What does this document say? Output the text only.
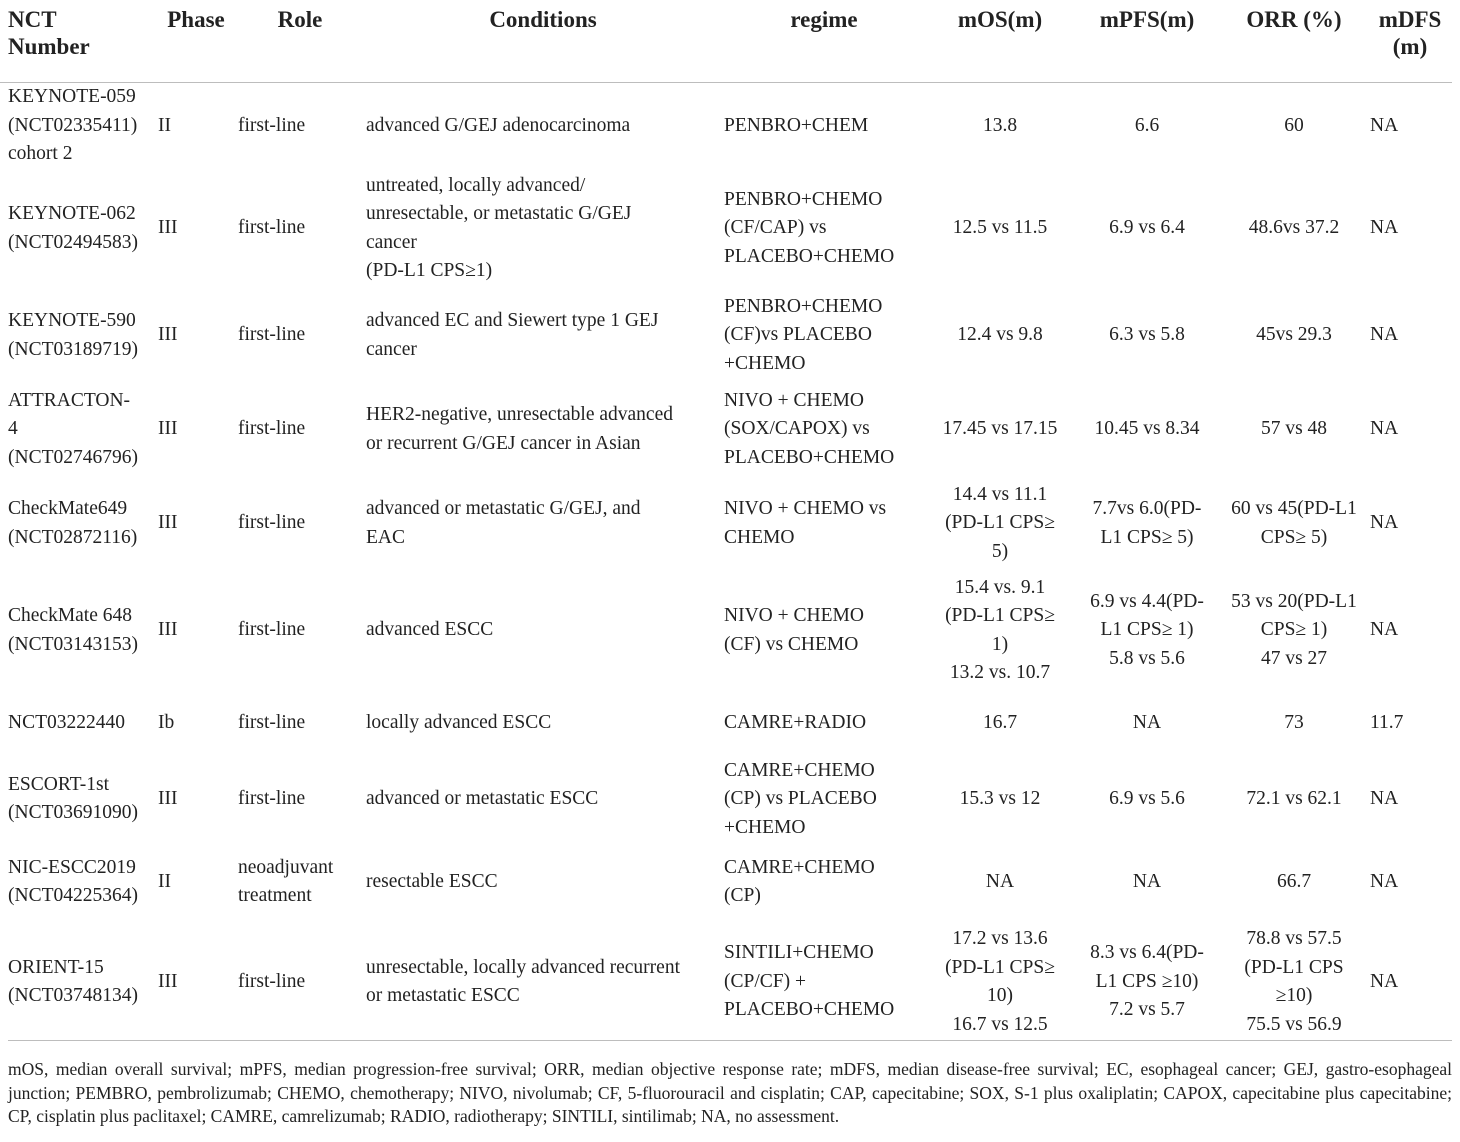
NCT
Number	Phase	Role	Conditions	regime	mOS(m)	mPFS(m)	ORR (%)	mDFS
(m)
KEYNOTE-059
(NCT02335411)
cohort 2	II	first-line	advanced G/GEJ adenocarcinoma	PENBRO+CHEM	13.8	6.6	60	NA
KEYNOTE-062
(NCT02494583)	III	first-line	untreated, locally advanced/
unresectable, or metastatic G/GEJ
cancer
(PD-L1 CPS≥1)	PENBRO+CHEMO
(CF/CAP) vs
PLACEBO+CHEMO	12.5 vs 11.5	6.9 vs 6.4	48.6vs 37.2	NA
KEYNOTE-590
(NCT03189719)	III	first-line	advanced EC and Siewert type 1 GEJ
cancer	PENBRO+CHEMO
(CF)vs PLACEBO
+CHEMO	12.4 vs 9.8	6.3 vs 5.8	45vs 29.3	NA
ATTRACTON-
4
(NCT02746796)	III	first-line	HER2-negative, unresectable advanced
or recurrent G/GEJ cancer in Asian	NIVO + CHEMO
(SOX/CAPOX) vs
PLACEBO+CHEMO	17.45 vs 17.15	10.45 vs 8.34	57 vs 48	NA
CheckMate649
(NCT02872116)	III	first-line	advanced or metastatic G/GEJ, and
EAC	NIVO + CHEMO vs
CHEMO	14.4 vs 11.1
(PD-L1 CPS≥
5)	7.7vs 6.0(PD-
L1 CPS≥ 5)	60 vs 45(PD-L1
CPS≥ 5)	NA
CheckMate 648
(NCT03143153)	III	first-line	advanced ESCC	NIVO + CHEMO
(CF) vs CHEMO	15.4 vs. 9.1
(PD-L1 CPS≥
1)
13.2 vs. 10.7	6.9 vs 4.4(PD-
L1 CPS≥ 1)
5.8 vs 5.6	53 vs 20(PD-L1
CPS≥ 1)
47 vs 27	NA
NCT03222440	Ib	first-line	locally advanced ESCC	CAMRE+RADIO	16.7	NA	73	11.7
ESCORT-1st
(NCT03691090)	III	first-line	advanced or metastatic ESCC	CAMRE+CHEMO
(CP) vs PLACEBO
+CHEMO	15.3 vs 12	6.9 vs 5.6	72.1 vs 62.1	NA
NIC-ESCC2019
(NCT04225364)	II	neoadjuvant
treatment	resectable ESCC	CAMRE+CHEMO
(CP)	NA	NA	66.7	NA
ORIENT-15
(NCT03748134)	III	first-line	unresectable, locally advanced recurrent
or metastatic ESCC	SINTILI+CHEMO
(CP/CF) +
PLACEBO+CHEMO	17.2 vs 13.6
(PD-L1 CPS≥
10)
16.7 vs 12.5	8.3 vs 6.4(PD-
L1 CPS ≥10)
7.2 vs 5.7	78.8 vs 57.5
(PD-L1 CPS
≥10)
75.5 vs 56.9	NA
mOS, median overall survival; mPFS, median progression-free survival; ORR, median objective response rate; mDFS, median disease-free survival; EC, esophageal cancer; GEJ, gastro-esophageal junction; PEMBRO, pembrolizumab; CHEMO, chemotherapy; NIVO, nivolumab; CF, 5-fluorouracil and cisplatin; CAP, capecitabine; SOX, S-1 plus oxaliplatin; CAPOX, capecitabine plus capecitabine; CP, cisplatin plus paclitaxel; CAMRE, camrelizumab; RADIO, radiotherapy; SINTILI, sintilimab; NA, no assessment.
